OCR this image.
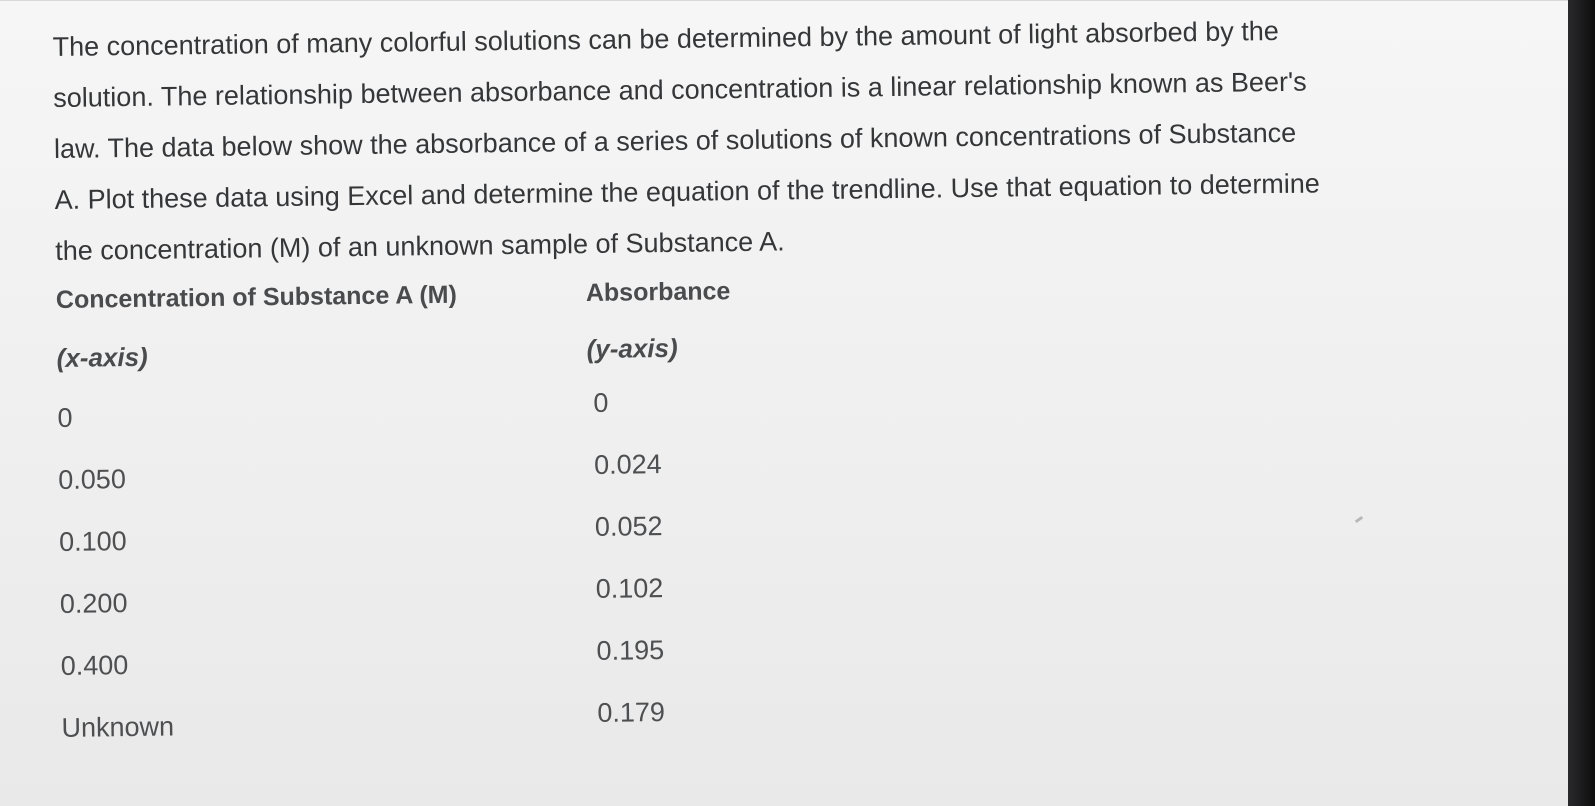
The concentration of many colorful solutions can be determined by the amount of light absorbed by the
solution. The relationship between absorbance and concentration is a linear relationship known as Beer's
law. The data below show the absorbance of a series of solutions of known concentrations of Substance
A. Plot these data using Excel and determine the equation of the trendline. Use that equation to determine
the concentration (M) of an unknown sample of Substance A.
Concentration of Substance A (M)
(x-axis)
Absorbance
(y-axis)
0
0.050
0.100
0.200
0.400
Unknown
0
0.024
0.052
0.102
0.195
0.179
